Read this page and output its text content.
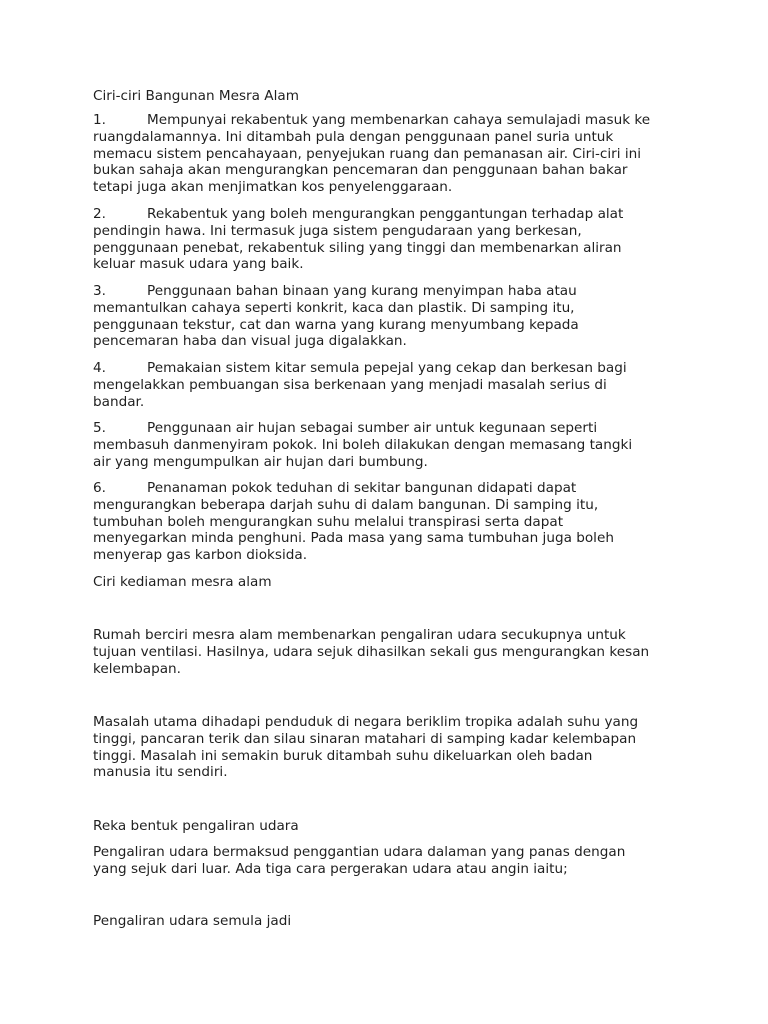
Ciri-ciri Bangunan Mesra Alam

1.	Mempunyai rekabentuk yang membenarkan cahaya semulajadi masuk ke
ruangdalamannya. Ini ditambah pula dengan penggunaan panel suria untuk
memacu sistem pencahayaan, penyejukan ruang dan pemanasan air. Ciri-ciri ini
bukan sahaja akan mengurangkan pencemaran dan penggunaan bahan bakar
tetapi juga akan menjimatkan kos penyelenggaraan.
2.	Rekabentuk yang boleh mengurangkan penggantungan terhadap alat
pendingin hawa. Ini termasuk juga sistem pengudaraan yang berkesan,
penggunaan penebat, rekabentuk siling yang tinggi dan membenarkan aliran
keluar masuk udara yang baik.
3.	Penggunaan bahan binaan yang kurang menyimpan haba atau
memantulkan cahaya seperti konkrit, kaca dan plastik. Di samping itu,
penggunaan tekstur, cat dan warna yang kurang menyumbang kepada
pencemaran haba dan visual juga digalakkan.
4.	Pemakaian sistem kitar semula pepejal yang cekap dan berkesan bagi
mengelakkan pembuangan sisa berkenaan yang menjadi masalah serius di
bandar.
5.	Penggunaan air hujan sebagai sumber air untuk kegunaan seperti
membasuh danmenyiram pokok. Ini boleh dilakukan dengan memasang tangki
air yang mengumpulkan air hujan dari bumbung.
6.	Penanaman pokok teduhan di sekitar bangunan didapati dapat
mengurangkan beberapa darjah suhu di dalam bangunan. Di samping itu,
tumbuhan boleh mengurangkan suhu melalui transpirasi serta dapat
menyegarkan minda penghuni. Pada masa yang sama tumbuhan juga boleh
menyerap gas karbon dioksida.

Ciri kediaman mesra alam

Rumah berciri mesra alam membenarkan pengaliran udara secukupnya untuk
tujuan ventilasi. Hasilnya, udara sejuk dihasilkan sekali gus mengurangkan kesan
kelembapan.

Masalah utama dihadapi penduduk di negara beriklim tropika adalah suhu yang
tinggi, pancaran terik dan silau sinaran matahari di samping kadar kelembapan
tinggi. Masalah ini semakin buruk ditambah suhu dikeluarkan oleh badan
manusia itu sendiri.

Reka bentuk pengaliran udara

Pengaliran udara bermaksud penggantian udara dalaman yang panas dengan
yang sejuk dari luar. Ada tiga cara pergerakan udara atau angin iaitu;

Pengaliran udara semula jadi
